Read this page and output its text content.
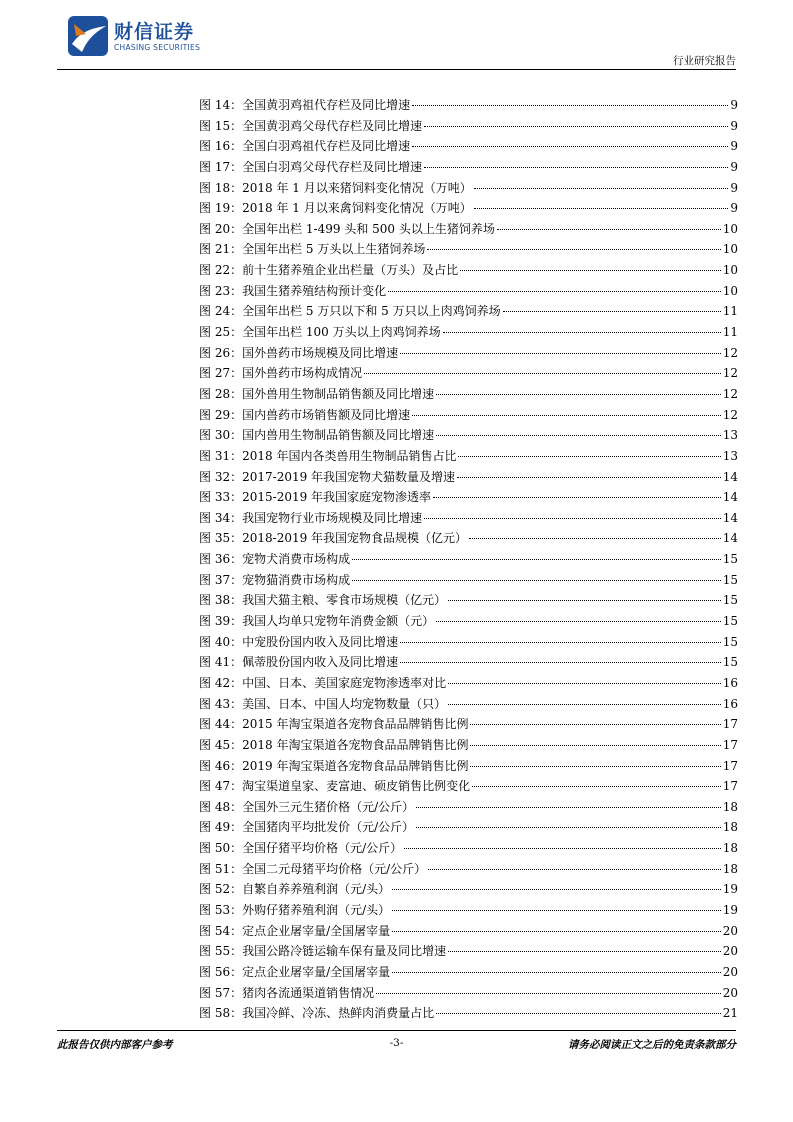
财信证券
CHASING SECURITIES
行业研究报告
图 14： 全国黄羽鸡祖代存栏及同比增速	9
图 15： 全国黄羽鸡父母代存栏及同比增速	9
图 16： 全国白羽鸡祖代存栏及同比增速	9
图 17： 全国白羽鸡父母代存栏及同比增速	9
图 18： 2018 年 1 月以来猪饲料变化情况（万吨）	9
图 19： 2018 年 1 月以来禽饲料变化情况（万吨）	9
图 20： 全国年出栏 1-499 头和 500 头以上生猪饲养场	10
图 21： 全国年出栏 5 万头以上生猪饲养场	10
图 22： 前十生猪养殖企业出栏量（万头）及占比	10
图 23： 我国生猪养殖结构预计变化	10
图 24： 全国年出栏 5 万只以下和 5 万只以上肉鸡饲养场	11
图 25： 全国年出栏 100 万头以上肉鸡饲养场	11
图 26： 国外兽药市场规模及同比增速	12
图 27： 国外兽药市场构成情况	12
图 28： 国外兽用生物制品销售额及同比增速	12
图 29： 国内兽药市场销售额及同比增速	12
图 30： 国内兽用生物制品销售额及同比增速	13
图 31： 2018 年国内各类兽用生物制品销售占比	13
图 32： 2017-2019 年我国宠物犬猫数量及增速	14
图 33： 2015-2019 年我国家庭宠物渗透率	14
图 34： 我国宠物行业市场规模及同比增速	14
图 35： 2018-2019 年我国宠物食品规模（亿元）	14
图 36： 宠物犬消费市场构成	15
图 37： 宠物猫消费市场构成	15
图 38： 我国犬猫主粮、零食市场规模（亿元）	15
图 39： 我国人均单只宠物年消费金额（元）	15
图 40： 中宠股份国内收入及同比增速	15
图 41： 佩蒂股份国内收入及同比增速	15
图 42： 中国、日本、美国家庭宠物渗透率对比	16
图 43： 美国、日本、中国人均宠物数量（只）	16
图 44： 2015 年淘宝渠道各宠物食品品牌销售比例	17
图 45： 2018 年淘宝渠道各宠物食品品牌销售比例	17
图 46： 2019 年淘宝渠道各宠物食品品牌销售比例	17
图 47： 淘宝渠道皇家、麦富迪、硕皮销售比例变化	17
图 48： 全国外三元生猪价格（元/公斤）	18
图 49： 全国猪肉平均批发价（元/公斤）	18
图 50： 全国仔猪平均价格（元/公斤）	18
图 51： 全国二元母猪平均价格（元/公斤）	18
图 52： 自繁自养养殖利润（元/头）	19
图 53： 外购仔猪养殖利润（元/头）	19
图 54： 定点企业屠宰量/全国屠宰量	20
图 55： 我国公路冷链运输车保有量及同比增速	20
图 56： 定点企业屠宰量/全国屠宰量	20
图 57： 猪肉各流通渠道销售情况	20
图 58： 我国冷鲜、冷冻、热鲜肉消费量占比	21
此报告仅供内部客户参考	-3-	请务必阅读正文之后的免责条款部分
